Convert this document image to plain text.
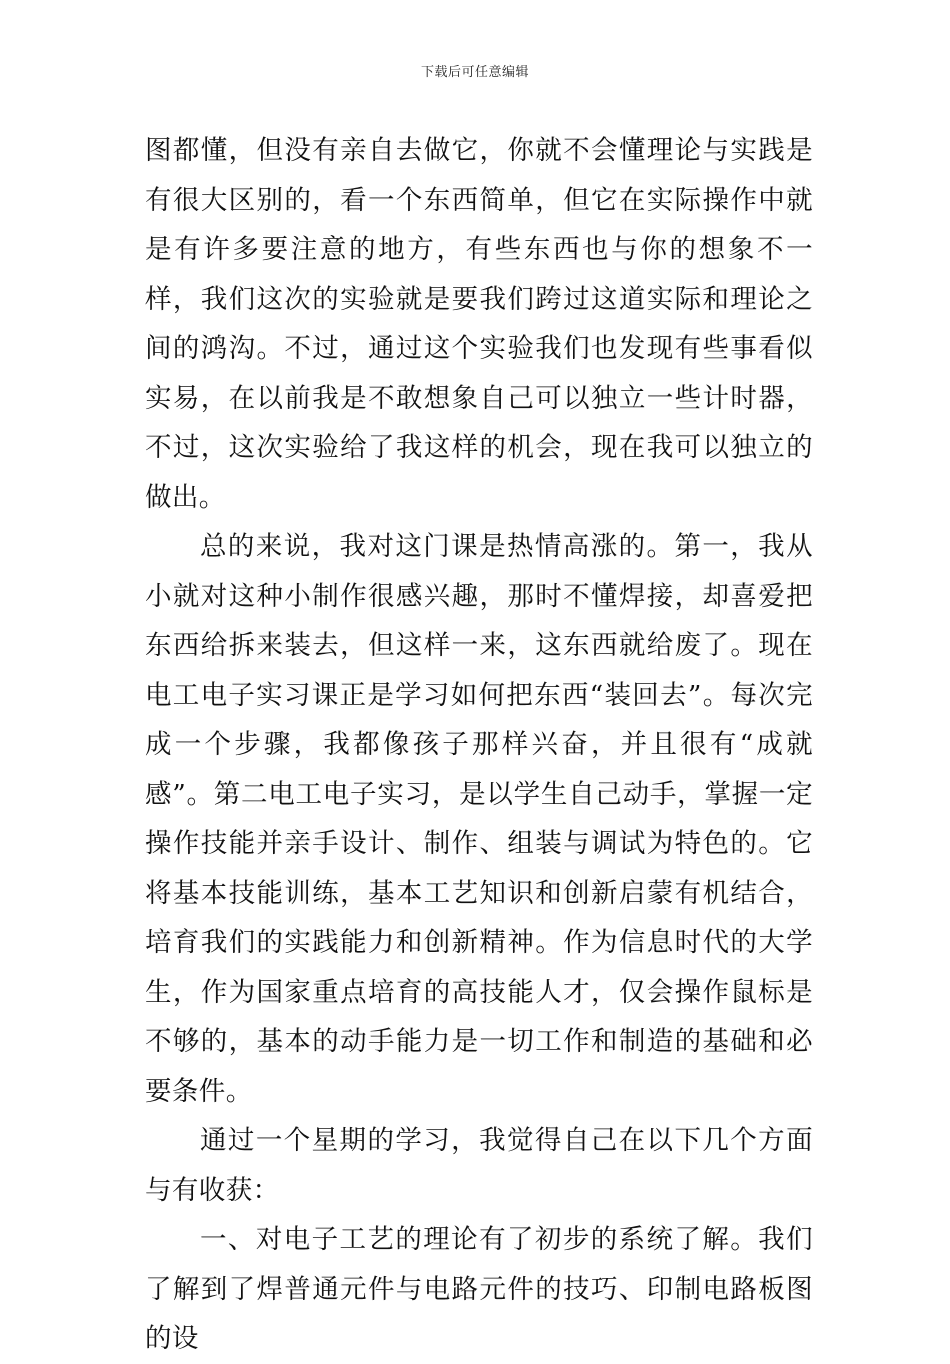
下载后可任意编辑

图都懂，但没有亲自去做它，你就不会懂理论与实践是有很大区别的，看一个东西简单，但它在实际操作中就是有许多要注意的地方，有些东西也与你的想象不一样，我们这次的实验就是要我们跨过这道实际和理论之间的鸿沟。不过，通过这个实验我们也发现有些事看似实易，在以前我是不敢想象自己可以独立一些计时器，不过，这次实验给了我这样的机会，现在我可以独立的做出。

总的来说，我对这门课是热情高涨的。第一，我从小就对这种小制作很感兴趣，那时不懂焊接，却喜爱把东西给拆来装去，但这样一来，这东西就给废了。现在电工电子实习课正是学习如何把东西“装回去”。每次完成一个步骤，我都像孩子那样兴奋，并且很有“成就感”。第二电工电子实习，是以学生自己动手，掌握一定操作技能并亲手设计、制作、组装与调试为特色的。它将基本技能训练，基本工艺知识和创新启蒙有机结合，培育我们的实践能力和创新精神。作为信息时代的大学生，作为国家重点培育的高技能人才，仅会操作鼠标是不够的，基本的动手能力是一切工作和制造的基础和必要条件。

通过一个星期的学习，我觉得自己在以下几个方面与有收获：

一、对电子工艺的理论有了初步的系统了解。我们了解到了焊普通元件与电路元件的技巧、印制电路板图的设
